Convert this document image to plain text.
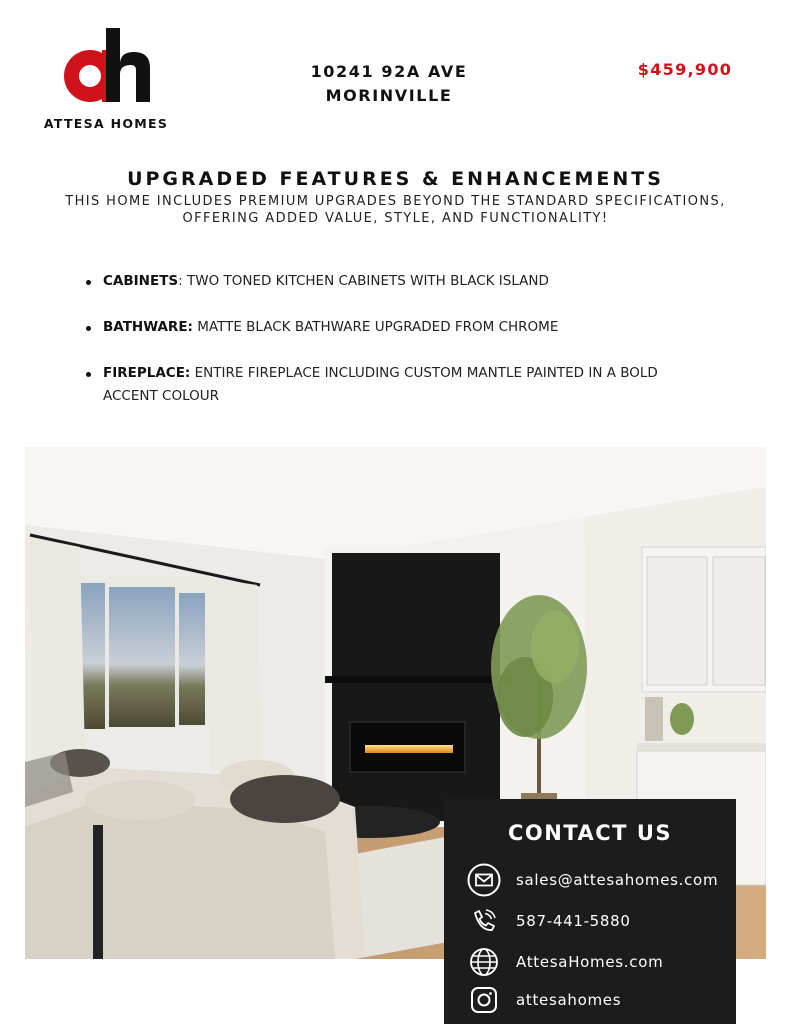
ATTESA HOMES
10241 92A AVE
MORINVILLE
$459,900
UPGRADED FEATURES & ENHANCEMENTS
THIS HOME INCLUDES PREMIUM UPGRADES BEYOND THE STANDARD SPECIFICATIONS, OFFERING ADDED VALUE, STYLE, AND FUNCTIONALITY!
CABINETS: TWO TONED KITCHEN CABINETS WITH BLACK ISLAND
BATHWARE: MATTE BLACK BATHWARE UPGRADED FROM CHROME
FIREPLACE: ENTIRE FIREPLACE INCLUDING CUSTOM MANTLE PAINTED IN A BOLD ACCENT COLOUR
CONTACT US
sales@attesahomes.com
587-441-5880
AttesaHomes.com
attesahomes
